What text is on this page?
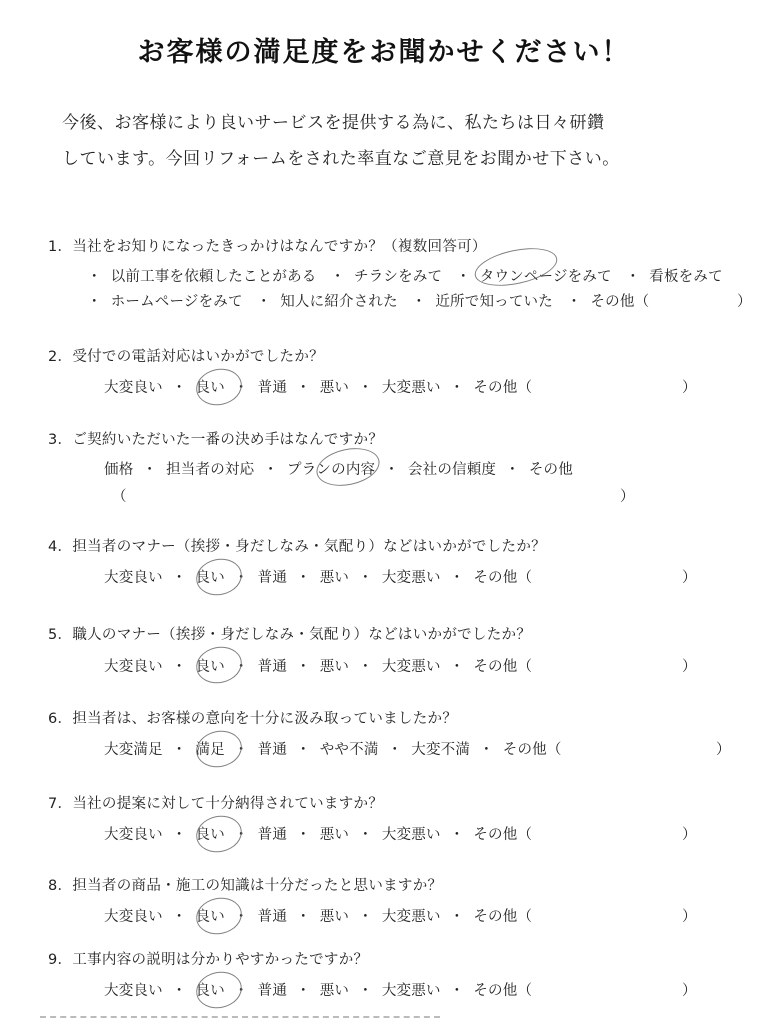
お客様の満足度をお聞かせください！
今後、お客様により良いサービスを提供する為に、私たちは日々研鑽
しています。今回リフォームをされた率直なご意見をお聞かせ下さい。
1．当社をお知りになったきっかけはなんですか？（複数回答可）
・ 以前工事を依頼したことがある ・ チラシをみて ・ タウンページをみて ・ 看板をみて
・ ホームページをみて ・ 知人に紹介された ・ 近所で知っていた ・ その他（	）
2．受付での電話対応はいかがでしたか？
大変良い ・ 良い ・ 普通 ・ 悪い ・ 大変悪い ・ その他（	）
3．ご契約いただいた一番の決め手はなんですか？
価格 ・ 担当者の対応 ・ プランの内容 ・ 会社の信頼度 ・ その他
（	）
4．担当者のマナー（挨拶・身だしなみ・気配り）などはいかがでしたか？
大変良い ・ 良い ・ 普通 ・ 悪い ・ 大変悪い ・ その他（	）
5．職人のマナー（挨拶・身だしなみ・気配り）などはいかがでしたか？
大変良い ・ 良い ・ 普通 ・ 悪い ・ 大変悪い ・ その他（	）
6．担当者は、お客様の意向を十分に汲み取っていましたか？
大変満足 ・ 満足 ・ 普通 ・ やや不満 ・ 大変不満 ・ その他（	）
7．当社の提案に対して十分納得されていますか？
大変良い ・ 良い ・ 普通 ・ 悪い ・ 大変悪い ・ その他（	）
8．担当者の商品・施工の知識は十分だったと思いますか？
大変良い ・ 良い ・ 普通 ・ 悪い ・ 大変悪い ・ その他（	）
9．工事内容の説明は分かりやすかったですか？
大変良い ・ 良い ・ 普通 ・ 悪い ・ 大変悪い ・ その他（	）
